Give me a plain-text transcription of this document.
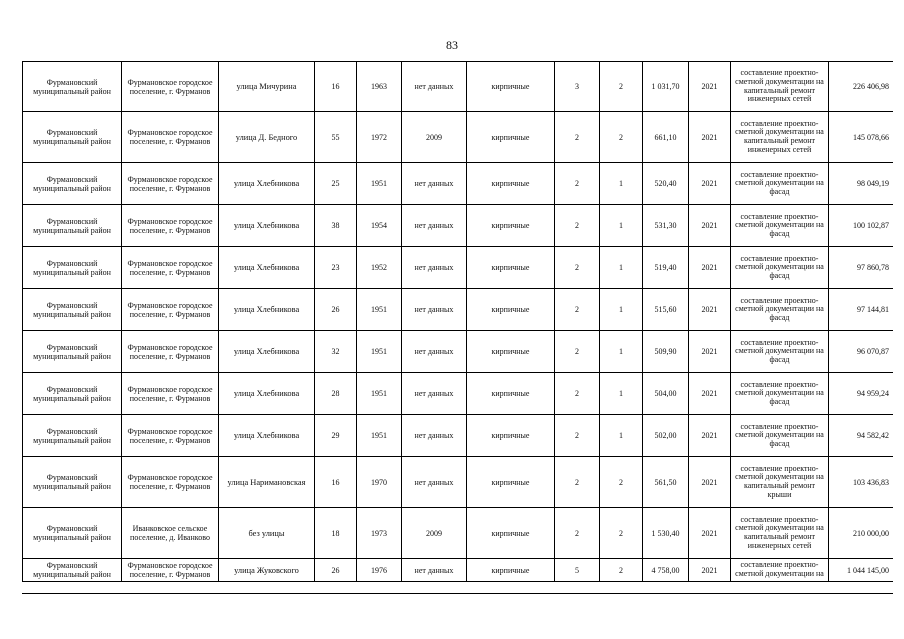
83
Фурмановский муниципальный район	Фурмановское городское поселение, г. Фурманов	улица Мичурина	16	1963	нет данных	кирпичные	3	2	1 031,70	2021	составление проектно-сметной документации на капитальный ремонт инженерных сетей	226 406,98
Фурмановский муниципальный район	Фурмановское городское поселение, г. Фурманов	улица Д. Бедного	55	1972	2009	кирпичные	2	2	661,10	2021	составление проектно-сметной документации на капитальный ремонт инженерных сетей	145 078,66
Фурмановский муниципальный район	Фурмановское городское поселение, г. Фурманов	улица Хлебникова	25	1951	нет данных	кирпичные	2	1	520,40	2021	составление проектно-сметной документации на фасад	98 049,19
Фурмановский муниципальный район	Фурмановское городское поселение, г. Фурманов	улица Хлебникова	38	1954	нет данных	кирпичные	2	1	531,30	2021	составление проектно-сметной документации на фасад	100 102,87
Фурмановский муниципальный район	Фурмановское городское поселение, г. Фурманов	улица Хлебникова	23	1952	нет данных	кирпичные	2	1	519,40	2021	составление проектно-сметной документации на фасад	97 860,78
Фурмановский муниципальный район	Фурмановское городское поселение, г. Фурманов	улица Хлебникова	26	1951	нет данных	кирпичные	2	1	515,60	2021	составление проектно-сметной документации на фасад	97 144,81
Фурмановский муниципальный район	Фурмановское городское поселение, г. Фурманов	улица Хлебникова	32	1951	нет данных	кирпичные	2	1	509,90	2021	составление проектно-сметной документации на фасад	96 070,87
Фурмановский муниципальный район	Фурмановское городское поселение, г. Фурманов	улица Хлебникова	28	1951	нет данных	кирпичные	2	1	504,00	2021	составление проектно-сметной документации на фасад	94 959,24
Фурмановский муниципальный район	Фурмановское городское поселение, г. Фурманов	улица Хлебникова	29	1951	нет данных	кирпичные	2	1	502,00	2021	составление проектно-сметной документации на фасад	94 582,42
Фурмановский муниципальный район	Фурмановское городское поселение, г. Фурманов	улица Наримановская	16	1970	нет данных	кирпичные	2	2	561,50	2021	составление проектно-сметной документации на капитальный ремонт крыши	103 436,83
Фурмановский муниципальный район	Иванковское сельское поселение, д. Иванково	без улицы	18	1973	2009	кирпичные	2	2	1 530,40	2021	составление проектно-сметной документации на капитальный ремонт инженерных сетей	210 000,00
Фурмановский муниципальный район	Фурмановское городское поселение, г. Фурманов	улица Жуковского	26	1976	нет данных	кирпичные	5	2	4 758,00	2021	составление проектно-сметной документации на	1 044 145,00
